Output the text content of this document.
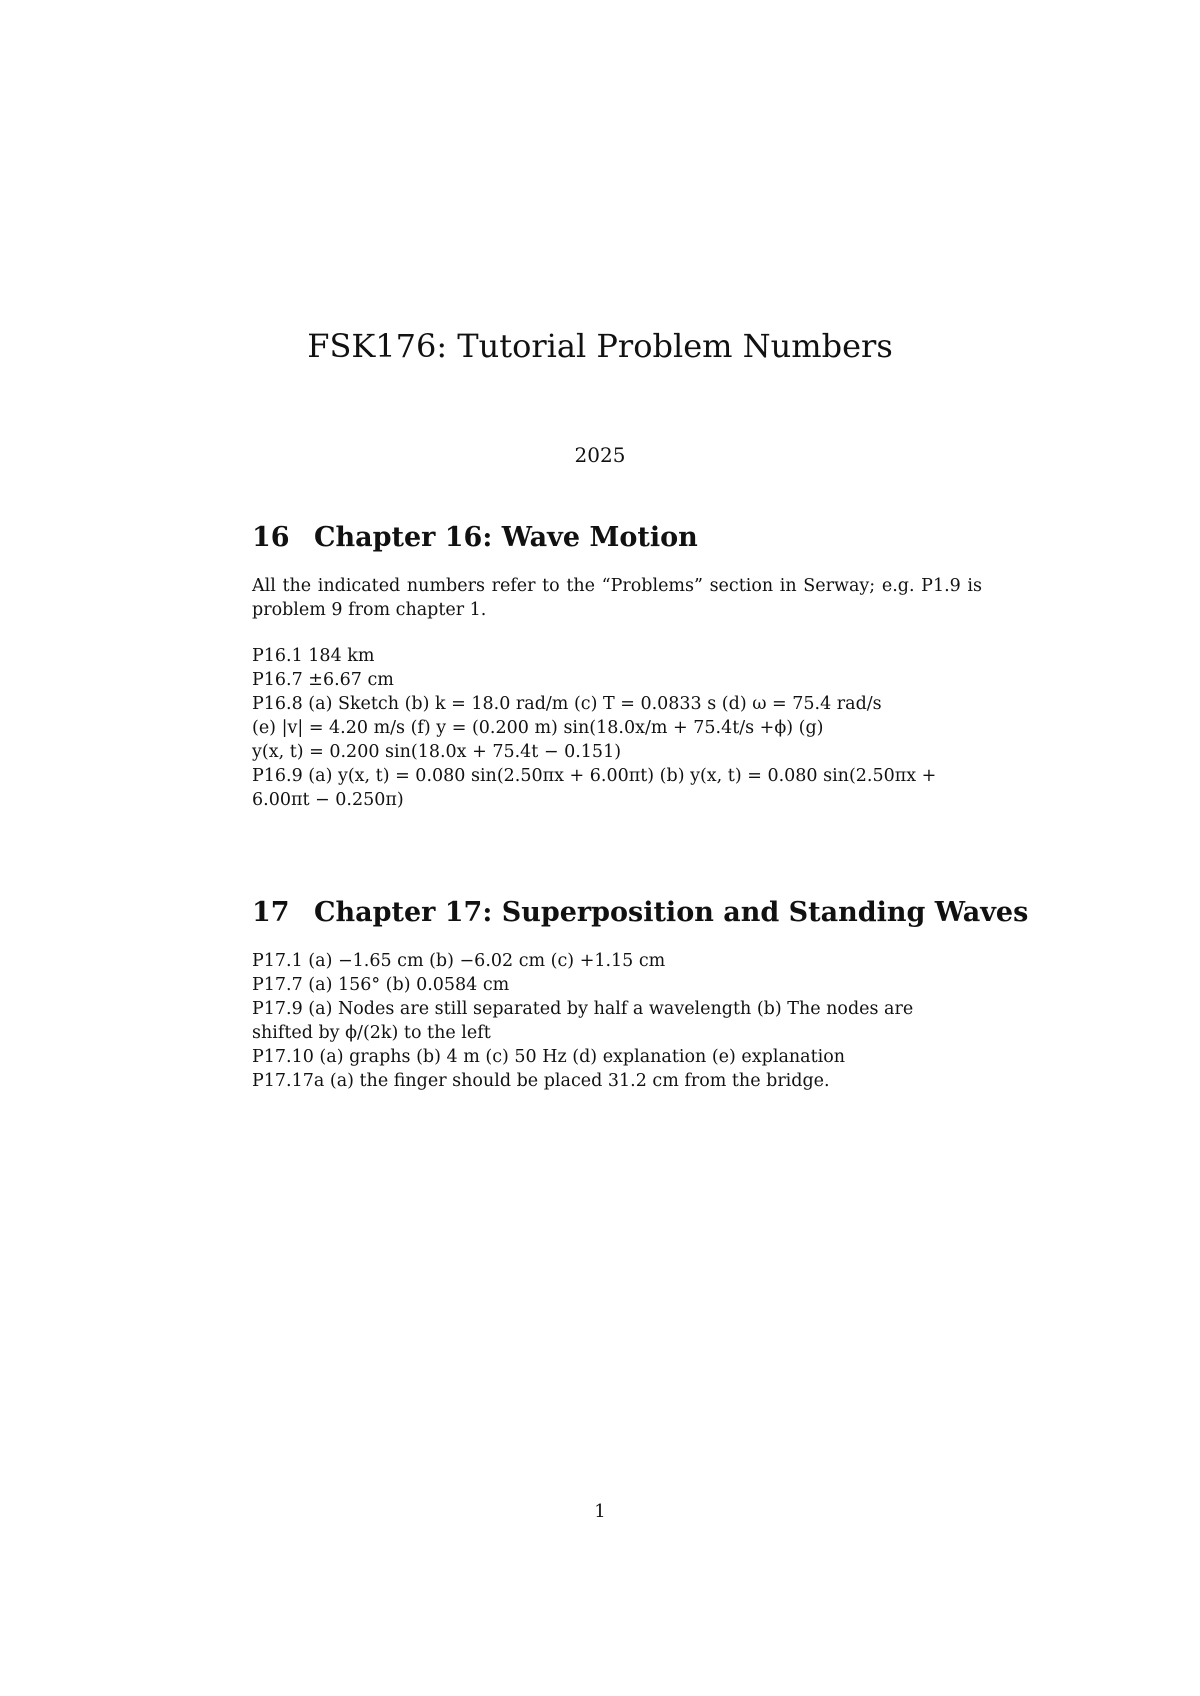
FSK176: Tutorial Problem Numbers
2025
16 Chapter 16: Wave Motion

All the indicated numbers refer to the “Problems” section in Serway; e.g. P1.9 is problem 9 from chapter 1.

P16.1 184 km
P16.7 ±6.67 cm
P16.8 (a) Sketch (b) k = 18.0 rad/m (c) T = 0.0833 s (d) ω = 75.4 rad/s
(e) |v| = 4.20 m/s (f) y = (0.200 m) sin(18.0x/m + 75.4t/s +ϕ) (g)
y(x, t) = 0.200 sin(18.0x + 75.4t − 0.151)
P16.9 (a) y(x, t) = 0.080 sin(2.50πx + 6.00πt) (b) y(x, t) = 0.080 sin(2.50πx +
6.00πt − 0.250π)
17 Chapter 17: Superposition and Standing Waves
P17.1 (a) −1.65 cm (b) −6.02 cm (c) +1.15 cm
P17.7 (a) 156° (b) 0.0584 cm
P17.9 (a) Nodes are still separated by half a wavelength (b) The nodes are
shifted by ϕ/(2k) to the left
P17.10 (a) graphs (b) 4 m (c) 50 Hz (d) explanation (e) explanation
P17.17a (a) the finger should be placed 31.2 cm from the bridge.
1
